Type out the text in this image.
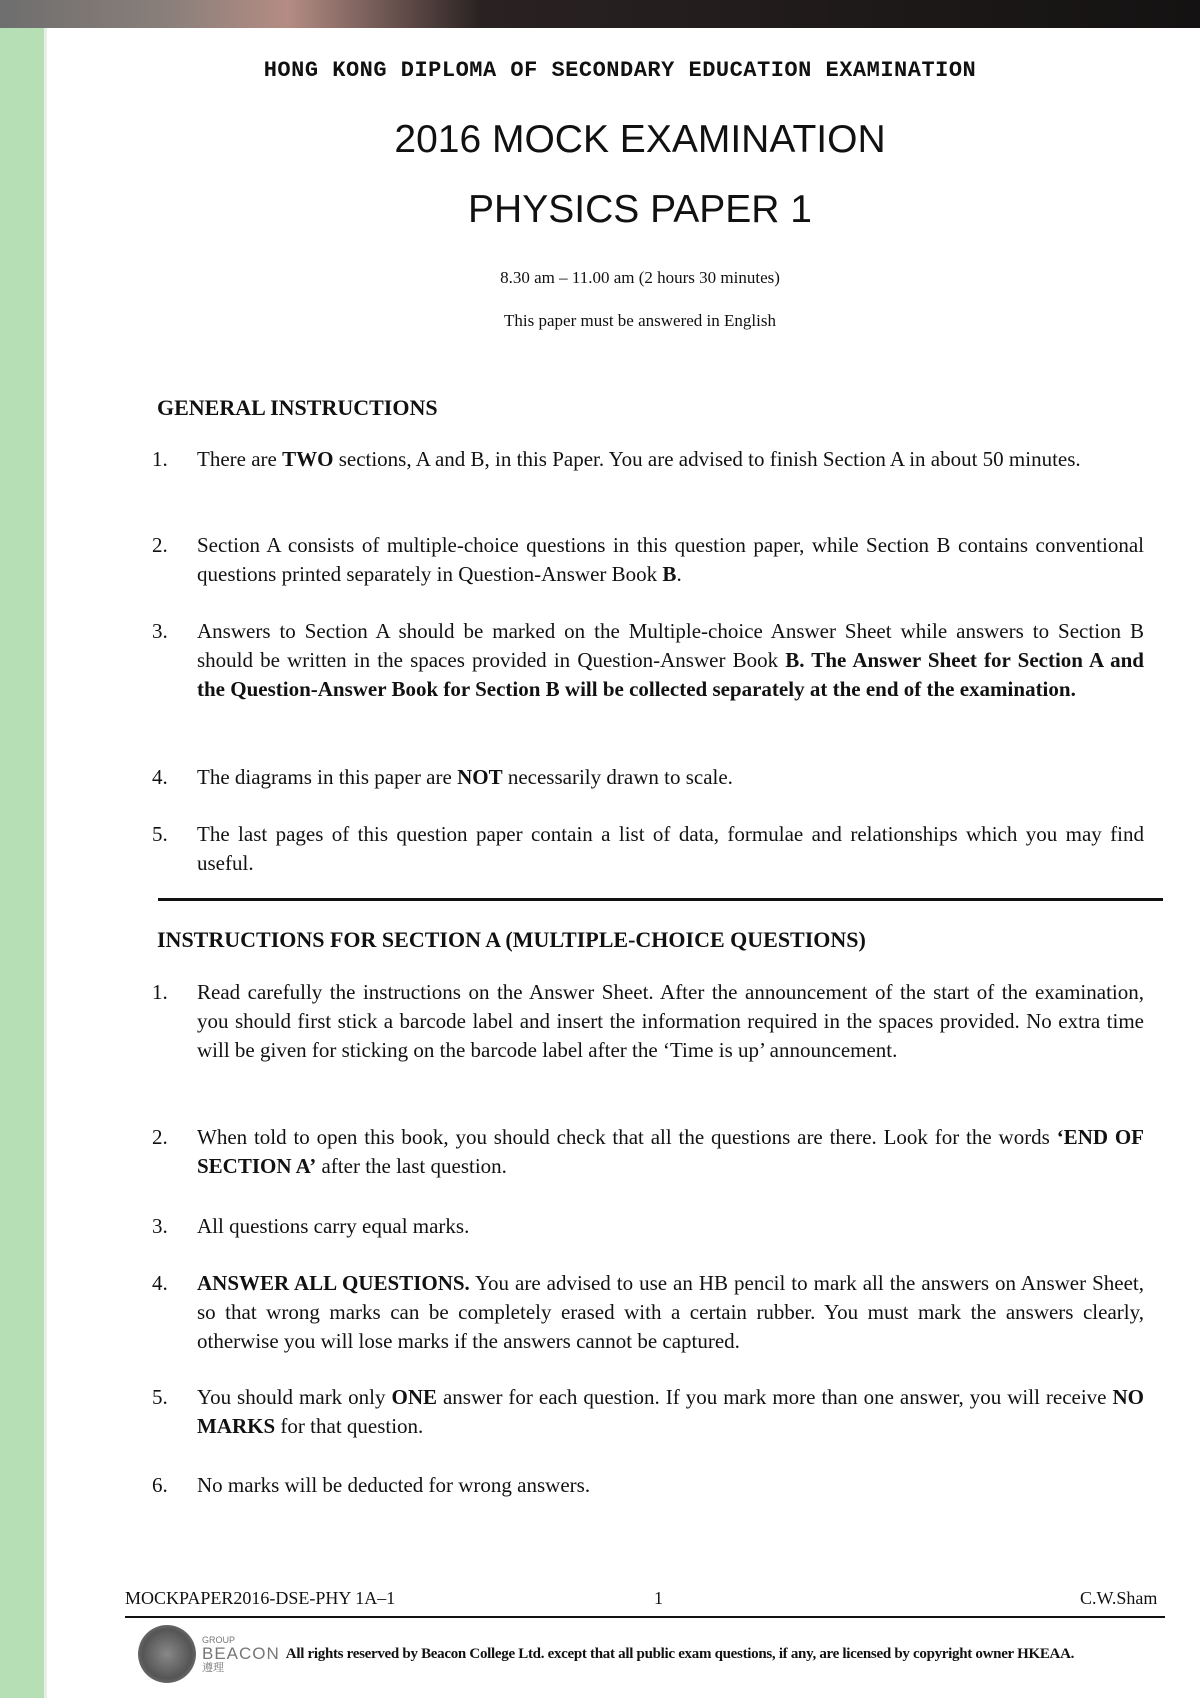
HONG KONG DIPLOMA OF SECONDARY EDUCATION EXAMINATION
2016 MOCK EXAMINATION
PHYSICS PAPER 1
8.30 am – 11.00 am (2 hours 30 minutes)
This paper must be answered in English
GENERAL INSTRUCTIONS
1.	There are TWO sections, A and B, in this Paper. You are advised to finish Section A in about 50 minutes.
2.	Section A consists of multiple-choice questions in this question paper, while Section B contains conventional questions printed separately in Question-Answer Book B.
3.	Answers to Section A should be marked on the Multiple-choice Answer Sheet while answers to Section B should be written in the spaces provided in Question-Answer Book B. The Answer Sheet for Section A and the Question-Answer Book for Section B will be collected separately at the end of the examination.
4.	The diagrams in this paper are NOT necessarily drawn to scale.
5.	The last pages of this question paper contain a list of data, formulae and relationships which you may find useful.
INSTRUCTIONS FOR SECTION A (MULTIPLE-CHOICE QUESTIONS)
1.	Read carefully the instructions on the Answer Sheet. After the announcement of the start of the examination, you should first stick a barcode label and insert the information required in the spaces provided. No extra time will be given for sticking on the barcode label after the ‘Time is up’ announcement.
2.	When told to open this book, you should check that all the questions are there. Look for the words ‘END OF SECTION A’ after the last question.
3.	All questions carry equal marks.
4.	ANSWER ALL QUESTIONS. You are advised to use an HB pencil to mark all the answers on Answer Sheet, so that wrong marks can be completely erased with a certain rubber. You must mark the answers clearly, otherwise you will lose marks if the answers cannot be captured.
5.	You should mark only ONE answer for each question. If you mark more than one answer, you will receive NO MARKS for that question.
6.	No marks will be deducted for wrong answers.
MOCKPAPER2016-DSE-PHY 1A–1	1	C.W.Sham
GROUP
BEACON
遵理
All rights reserved by Beacon College Ltd. except that all public exam questions, if any, are licensed by copyright owner HKEAA.
